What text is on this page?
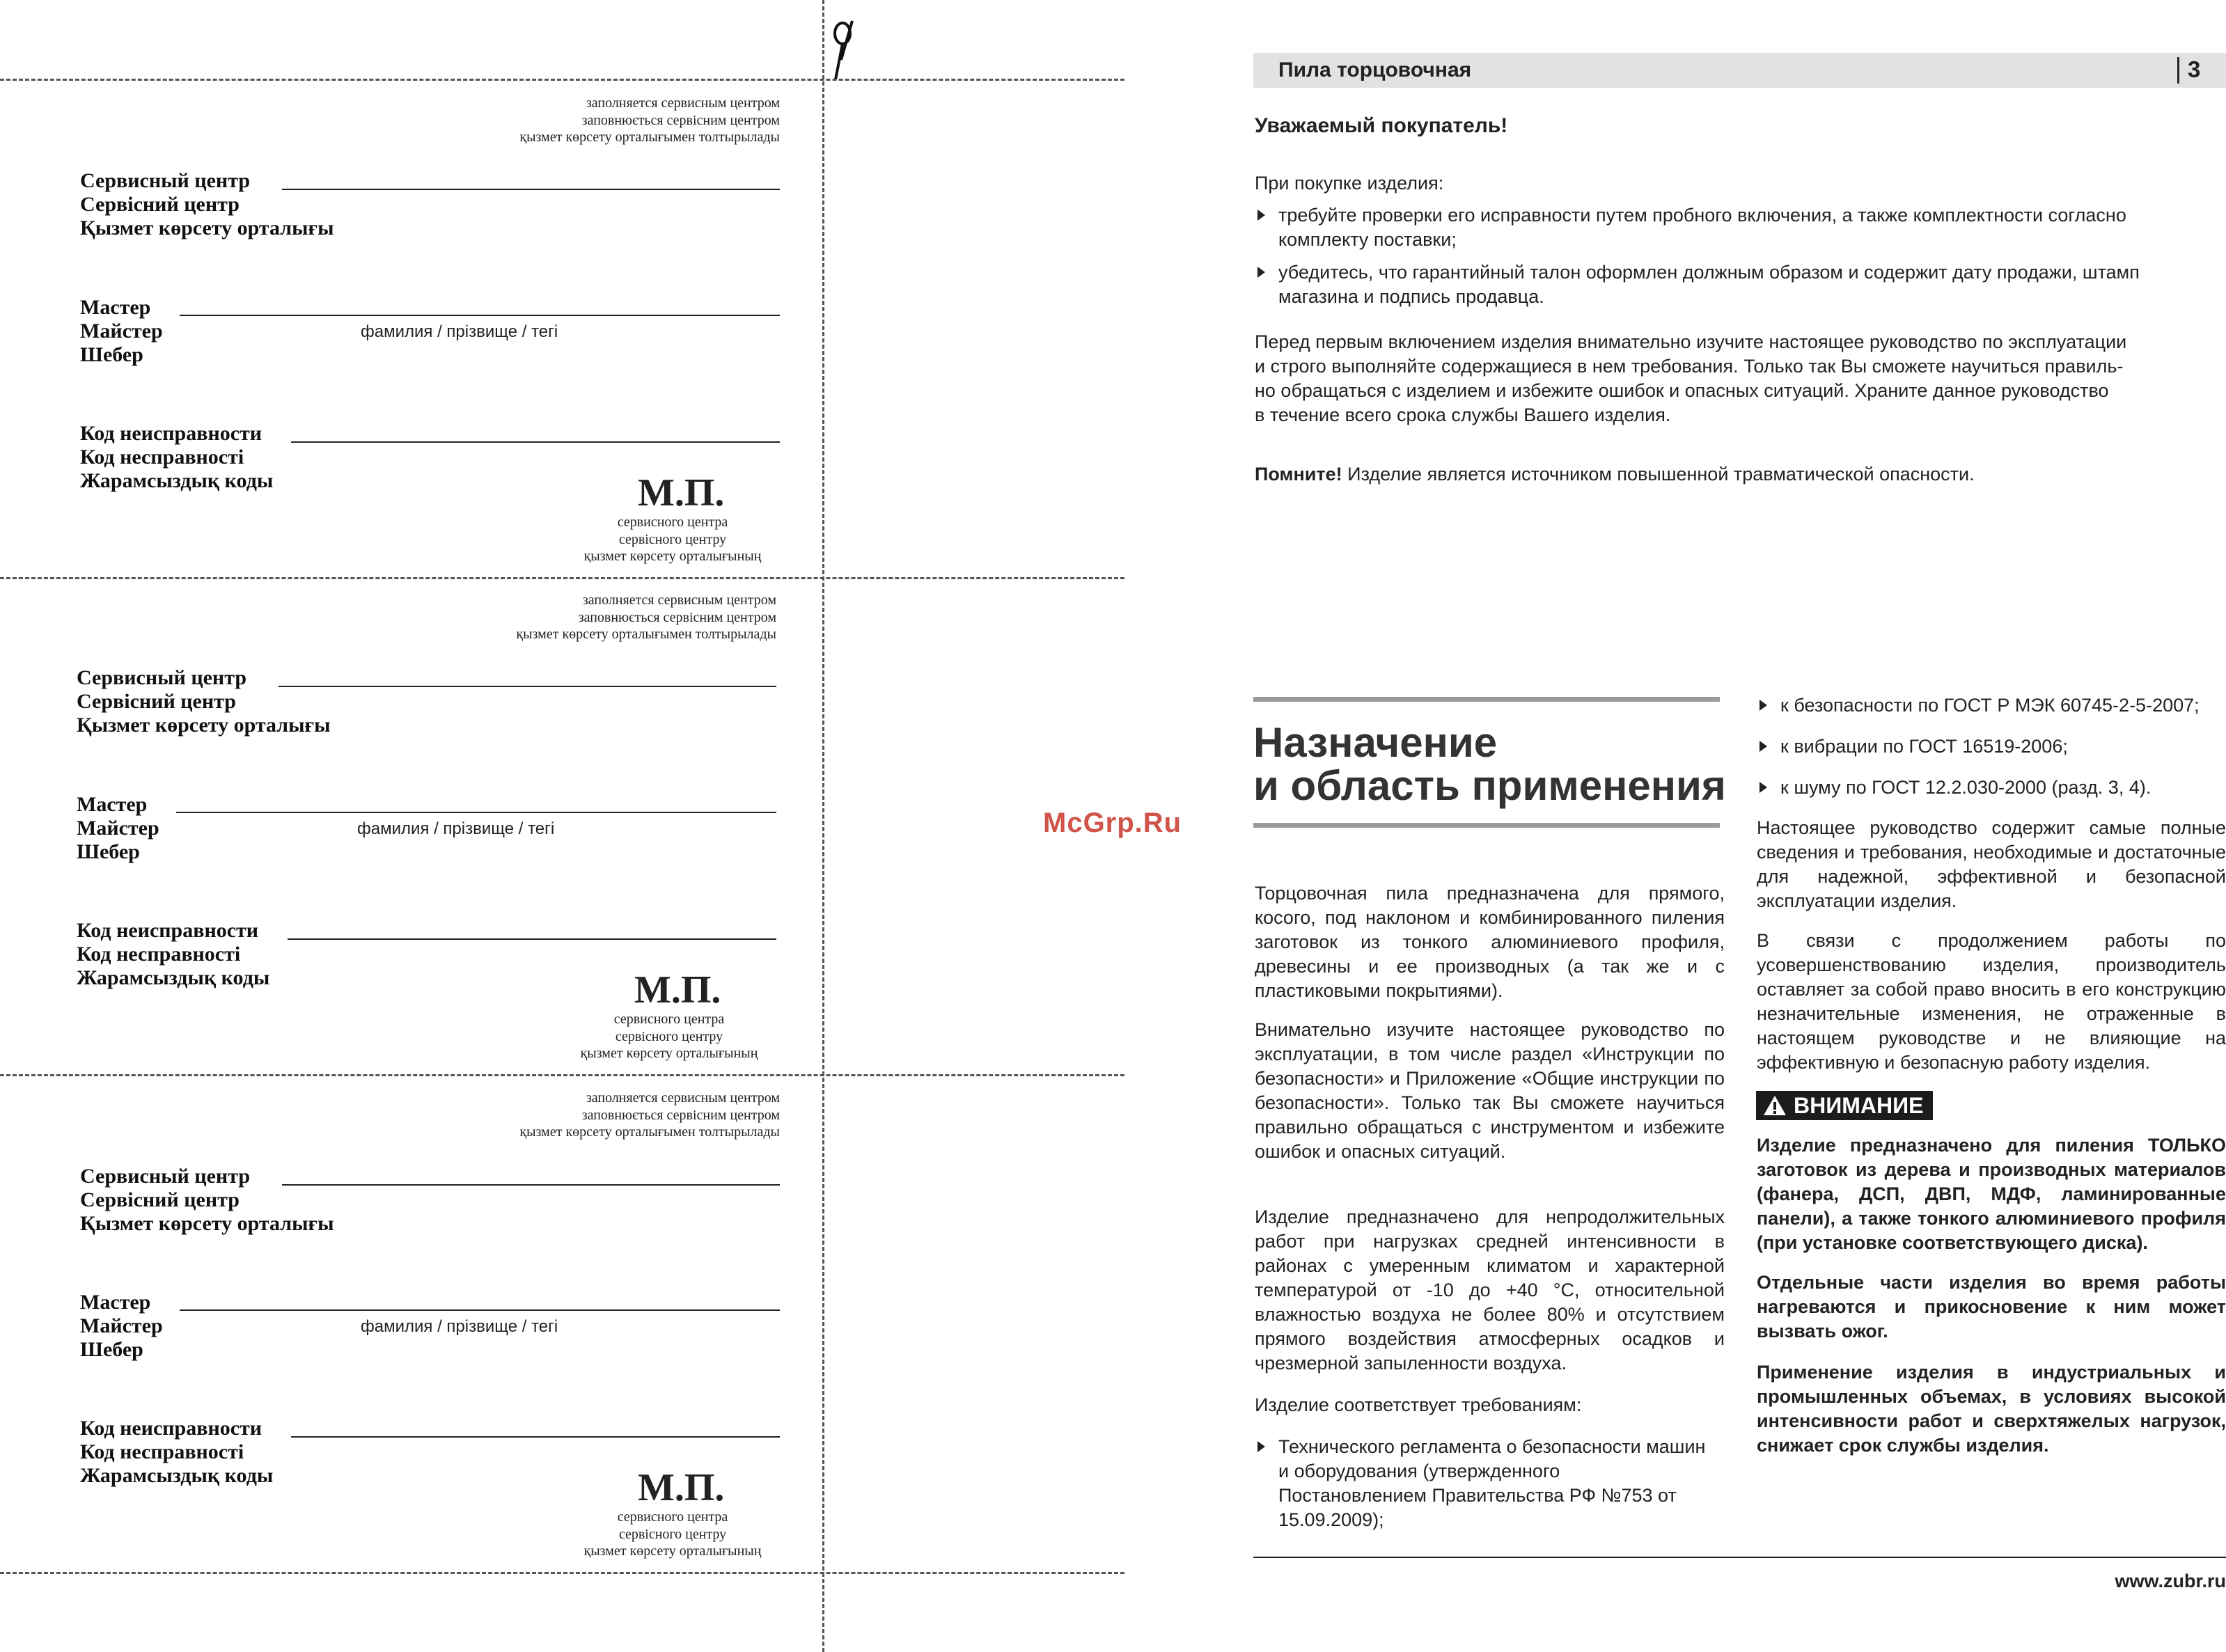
заполняется сервисным центром
заповнюється сервісним центром
қызмет көрсету орталығымен толтырылады
Сервисный центр
Сервісний центр
Қызмет көрсету орталығы
Мастер
Майстер
Шебер
фамилия / прізвище / тегі
Код неисправности
Код несправності
Жарамсыздық коды	М.П.
сервисного центра
сервісного центру
қызмет көрсету орталығының
заполняется сервисным центром
заповнюється сервісним центром
қызмет көрсету орталығымен толтырылады
Сервисный центр
Сервісний центр
Қызмет көрсету орталығы
Мастер
Майстер
Шебер
фамилия / прізвище / тегі
Код неисправности
Код несправності
Жарамсыздық коды	М.П.
сервисного центра
сервісного центру
қызмет көрсету орталығының
заполняется сервисным центром
заповнюється сервісним центром
қызмет көрсету орталығымен толтырылады
Сервисный центр
Сервісний центр
Қызмет көрсету орталығы
Мастер
Майстер
Шебер
фамилия / прізвище / тегі
Код неисправности
Код несправності
Жарамсыздық коды	М.П.
сервисного центра
сервісного центру
қызмет көрсету орталығының
McGrp.Ru
Пила торцовочная	3
Уважаемый покупатель!
При покупке изделия:
требуйте проверки его исправности путем пробного включения, а также комплектности согласно
комплекту поставки;
убедитесь, что гарантийный талон оформлен должным образом и содержит дату продажи, штамп
магазина и подпись продавца.
Перед первым включением изделия внимательно изучите настоящее руководство по эксплуатации
и строго выполняйте содержащиеся в нем требования. Только так Вы сможете научиться правиль-
но обращаться с изделием и избежите ошибок и опасных ситуаций. Храните данное руководство
в течение всего срока службы Вашего изделия.
Помните! Изделие является источником повышенной травматической опасности.
Назначение
и область применения
Торцовочная пила предназначена для прямого, косого, под наклоном и комбинированного пиления заготовок из тонкого алюминиевого профиля, древесины и ее производных (а так же и с пластиковыми покрытиями).
Внимательно изучите настоящее руководство по эксплуатации, в том числе раздел «Инструкции по безопасности» и Приложение «Общие инструкции по безопасности». Только так Вы сможете научиться правильно обращаться с инструментом и избежите ошибок и опасных ситуаций.
Изделие предназначено для непродолжительных работ при нагрузках средней интенсивности в районах с умеренным климатом и характерной температурой от -10 до +40 °С, относительной влажностью воздуха не более 80% и отсутствием прямого воздействия атмосферных осадков и чрезмерной запыленности воздуха.
Изделие соответствует требованиям:
Технического регламента о безопасности машин и оборудования (утвержденного Постановлением Правительства РФ №753 от 15.09.2009);
к безопасности по ГОСТ Р МЭК 60745-2-5-2007;
к вибрации по ГОСТ 16519-2006;
к шуму по ГОСТ 12.2.030-2000 (разд. 3, 4).
Настоящее руководство содержит самые полные сведения и требования, необходимые и достаточные для надежной, эффективной и безопасной эксплуатации изделия.
В связи с продолжением работы по усовершенствованию изделия, производитель оставляет за собой право вносить в его конструкцию незначительные изменения, не отраженные в настоящем руководстве и не влияющие на эффективную и безопасную работу изделия.
ВНИМАНИЕ
Изделие предназначено для пиления ТОЛЬКО заготовок из дерева и производных материалов (фанера, ДСП, ДВП, МДФ, ламинированные панели), а также тонкого алюминиевого профиля (при установке соответствующего диска).
Отдельные части изделия во время работы нагреваются и прикосновение к ним может вызвать ожог.
Применение изделия в индустриальных и промышленных объемах, в условиях высокой интенсивности работ и сверхтяжелых нагрузок, снижает срок службы изделия.
www.zubr.ru
